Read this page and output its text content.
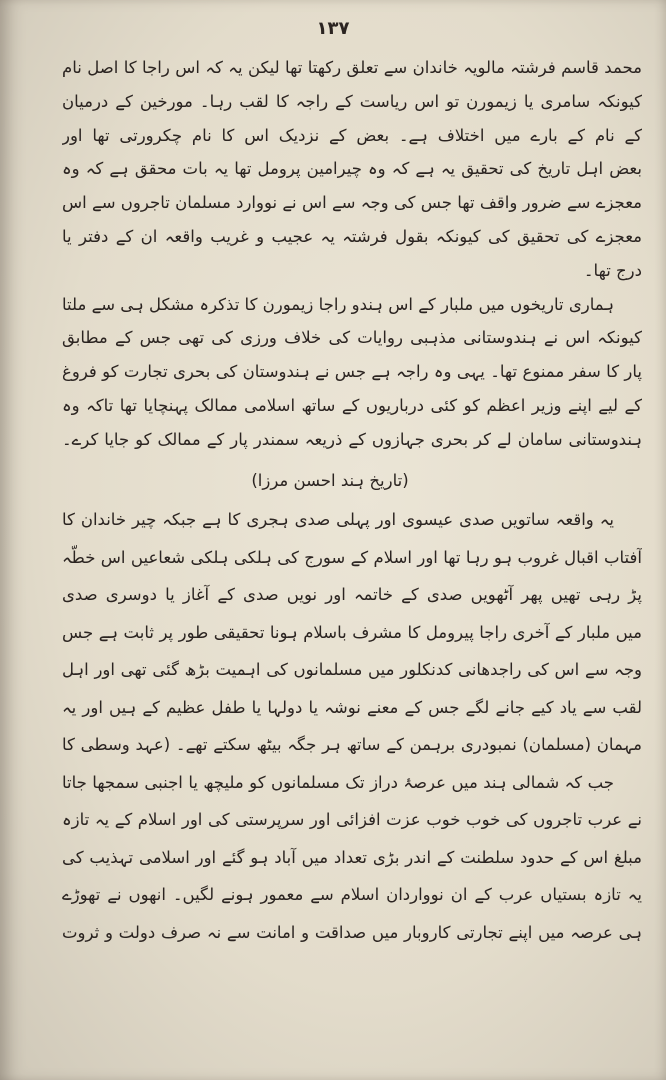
۱۳۷
محمد قاسم فرشتہ مالویہ خاندان سے تعلق رکھتا تھا لیکن یہ کہ اس راجا کا اصل نام
کیونکہ سامری یا زیمورن تو اس ریاست کے راجہ کا لقب رہا۔ مورخین کے درمیان
کے نام کے بارے میں اختلاف ہے۔ بعض کے نزدیک اس کا نام چکرورتی تھا اور
بعض اہل تاریخ کی تحقیق یہ ہے کہ وہ چیرامین پرومل تھا یہ بات محقق ہے کہ وہ
معجزے سے ضرور واقف تھا جس کی وجہ سے اس نے نووارد مسلمان تاجروں سے اس
معجزے کی تحقیق کی کیونکہ بقول فرشتہ یہ عجیب و غریب واقعہ ان کے دفتر یا
درج تھا۔
ہماری تاریخوں میں ملبار کے اس ہندو راجا زیمورن کا تذکرہ مشکل ہی سے ملتا
کیونکہ اس نے ہندوستانی مذہبی روایات کی خلاف ورزی کی تھی جس کے مطابق
پار کا سفر ممنوع تھا۔ یہی وہ راجہ ہے جس نے ہندوستان کی بحری تجارت کو فروغ
کے لیے اپنے وزیر اعظم کو کئی درباریوں کے ساتھ اسلامی ممالک پہنچایا تھا تاکہ وہ
ہندوستانی سامان لے کر بحری جہازوں کے ذریعہ سمندر پار کے ممالک کو جایا کرے۔
(تاریخ ہند احسن مرزا)
یہ واقعہ ساتویں صدی عیسوی اور پہلی صدی ہجری کا ہے جبکہ چیر خاندان کا
آفتاب اقبال غروب ہو رہا تھا اور اسلام کے سورج کی ہلکی ہلکی شعاعیں اس خطّہ
پڑ رہی تھیں پھر آٹھویں صدی کے خاتمہ اور نویں صدی کے آغاز یا دوسری صدی
میں ملبار کے آخری راجا پیرومل کا مشرف باسلام ہونا تحقیقی طور پر ثابت ہے جس
وجہ سے اس کی راجدھانی کدنکلور میں مسلمانوں کی اہمیت بڑھ گئی تھی اور اہل
لقب سے یاد کیے جانے لگے جس کے معنے نوشہ یا دولہا یا طفل عظیم کے ہیں اور یہ
مہمان (مسلمان) نمبودری برہمن کے ساتھ ہر جگہ بیٹھ سکتے تھے۔ (عہد وسطی کا
جب کہ شمالی ہند میں عرصۂ دراز تک مسلمانوں کو ملیچھ یا اجنبی سمجھا جاتا
نے عرب تاجروں کی خوب خوب عزت افزائی اور سرپرستی کی اور اسلام کے یہ تازہ
مبلغ اس کے حدود سلطنت کے اندر بڑی تعداد میں آباد ہو گئے اور اسلامی تہذیب کی
یہ تازہ بستیاں عرب کے ان نوواردان اسلام سے معمور ہونے لگیں۔ انھوں نے تھوڑے
ہی عرصہ میں اپنے تجارتی کاروبار میں صداقت و امانت سے نہ صرف دولت و ثروت
